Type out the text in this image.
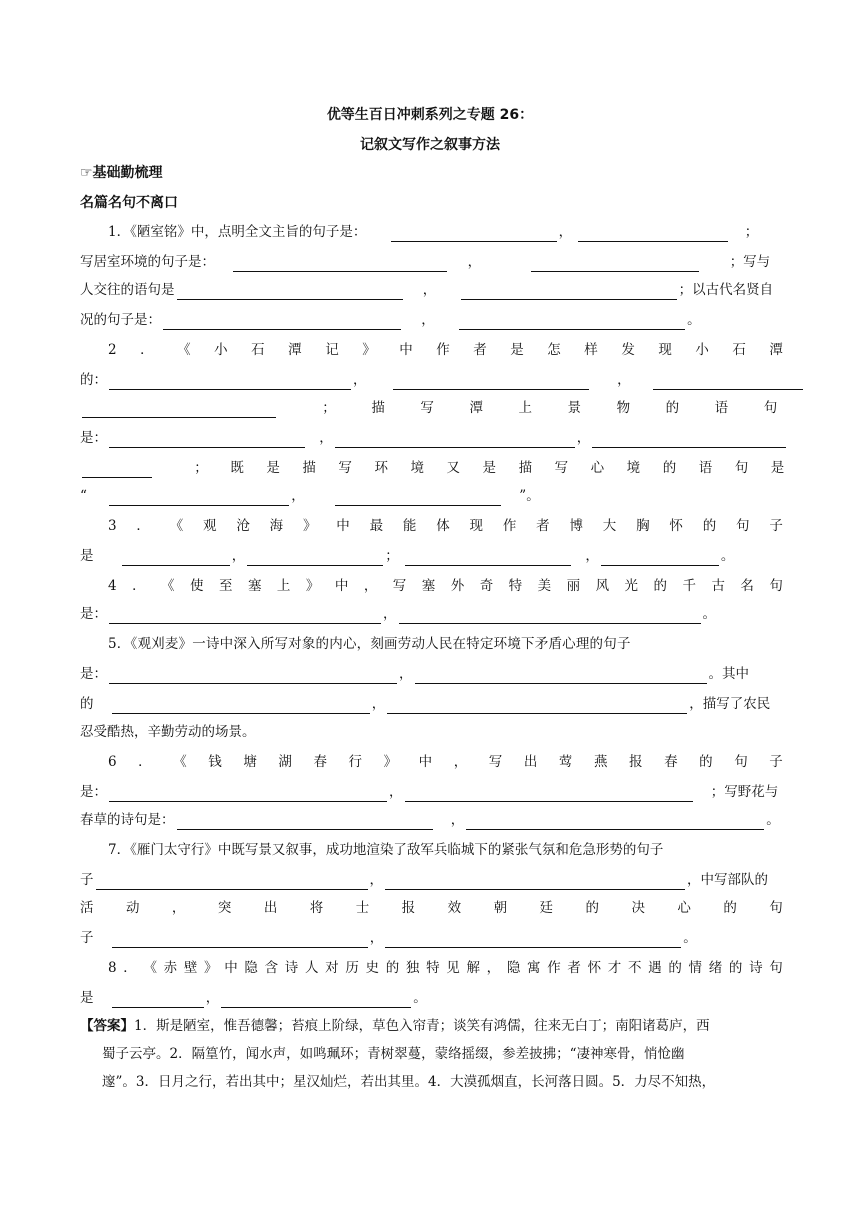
优等生百日冲刺系列之专题 26：
记叙文写作之叙事方法
☞基础勤梳理
名篇名句不离口
1．《陋室铭》中，点明全文主旨的句子是：	，	；
写居室环境的句子是：	，	；写与
人交往的语句是	，	；以古代名贤自
况的句子是：	，	。
2 ． 《 小 石 潭 记 》 中 作 者 是 怎 样 发 现 小 石 潭
的：	，	，

；	描	写	潭	上	景	物	的	语	句
是：	，	，

； 既 是 描 写 环 境 又 是 描 写 心 境 的 语 句 是
“	，	”。
3 ． 《 观 沧 海 》 中 最 能 体 现 作 者 博 大 胸 怀 的 句 子
是	，	；	，	。
4 ． 《 使 至 塞 上 》 中 ， 写 塞 外 奇 特 美 丽 风 光 的 千 古 名 句
是：	，	。
5．《观刈麦》一诗中深入所写对象的内心，刻画劳动人民在特定环境下矛盾心理的句子
是：	，	。其中
的	，	，描写了农民
忍受酷热，辛勤劳动的场景。
6 ． 《 钱 塘 湖 春 行 》 中 ， 写 出 莺 燕 报 春 的 句 子
是：	，	；写野花与
春草的诗句是：	，	。
7．《雁门太守行》中既写景又叙事，成功地渲染了敌军兵临城下的紧张气氛和危急形势的句子
子	，	，中写部队的
活 动 ， 突 出 将 士 报 效 朝 廷 的 决 心 的 句
子	，	。
8 ． 《 赤 壁 》 中 隐 含 诗 人 对 历 史 的 独 特 见 解 ， 隐 寓 作 者 怀 才 不 遇 的 情 绪 的 诗 句
是	，	。
【答案】1．斯是陋室，惟吾德馨；苔痕上阶绿，草色入帘青；谈笑有鸿儒，往来无白丁；南阳诸葛庐，西
蜀子云亭。2．隔篁竹，闻水声，如鸣珮环；青树翠蔓，蒙络摇缀，参差披拂；“凄神寒骨，悄怆幽
邃”。3．日月之行，若出其中；星汉灿烂，若出其里。4．大漠孤烟直，长河落日圆。5．力尽不知热，
